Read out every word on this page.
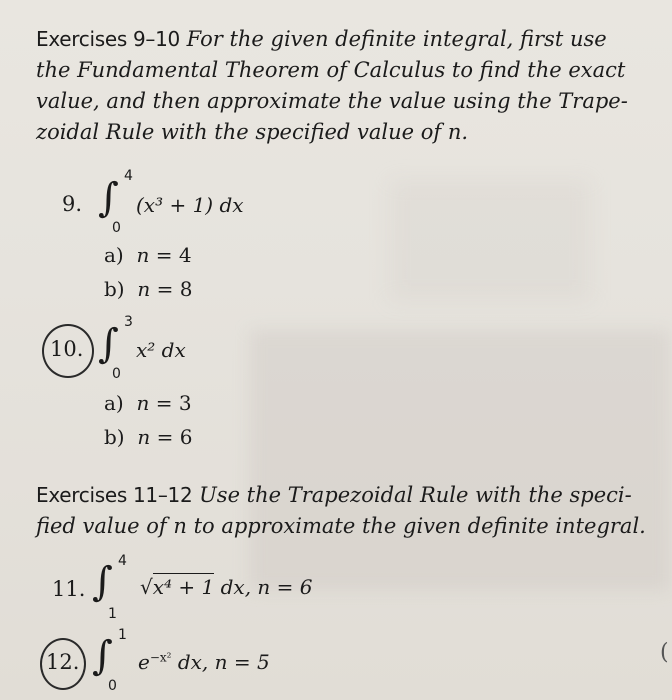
Exercises 9–10 For the given definite integral, first use
the Fundamental Theorem of Calculus to find the exact
value, and then approximate the value using the Trape-
zoidal Rule with the specified value of n.
9. ∫ 4
0
(x³ + 1) dx
a) n = 4
b) n = 8
10. ∫ 3
0
x² dx
a) n = 3
b) n = 6
Exercises 11–12 Use the Trapezoidal Rule with the speci-
fied value of n to approximate the given definite integral.
11. ∫ 4
1
√x⁴ + 1 dx, n = 6
12. ∫ 1
0
$e^{-x^2}$ dx, n = 5	(
